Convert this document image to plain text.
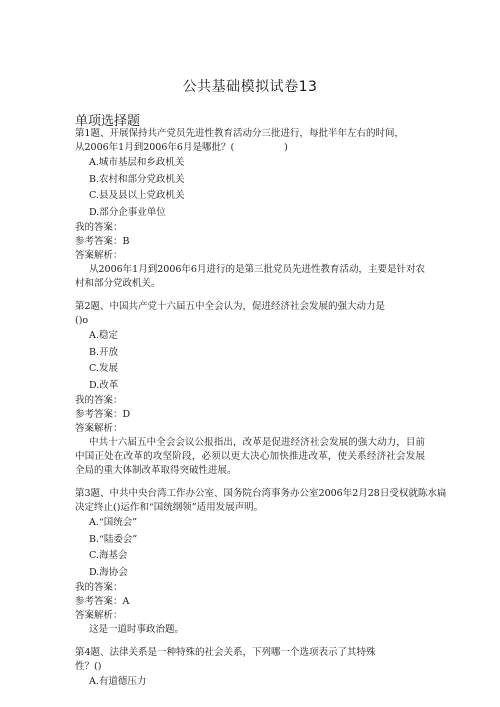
公共基础模拟试卷13
单项选择题
第1题、开展保持共产党员先进性教育活动分三批进行，每批半年左右的时间，
从2006年1月到2006年6月是哪批？(	)
A.城市基层和乡政机关
B.农村和部分党政机关
C.县及县以上党政机关
D.部分企事业单位
我的答案：
参考答案：B
答案解析：

从2006年1月到2006年6月进行的是第三批党员先进性教育活动，主要是针对农村和部分党政机关。

第2题、中国共产党十六届五中全会认为，促进经济社会发展的强大动力是
()o
A.稳定
B.开放
C.发展
D.改革
我的答案：
参考答案：D
答案解析：

中共十六届五中全会会议公报指出，改革是促进经济社会发展的强大动力，目前中国正处在改革的攻坚阶段，必须以更大决心加快推进改革，使关系经济社会发展全局的重大体制改革取得突破性进展。

第3题、中共中央台湾工作办公室、国务院台湾事务办公室2006年2月28日受权就陈水扁
决定终止()运作和“国统纲领”适用发展声明。
A.“国统会”
B.“陆委会”
C.海基会
D.海协会
我的答案：
参考答案：A
答案解析：

这是一道时事政治题。

第4题、法律关系是一种特殊的社会关系，下列哪一个选项表示了其特殊
性？()
A.有道德压力
